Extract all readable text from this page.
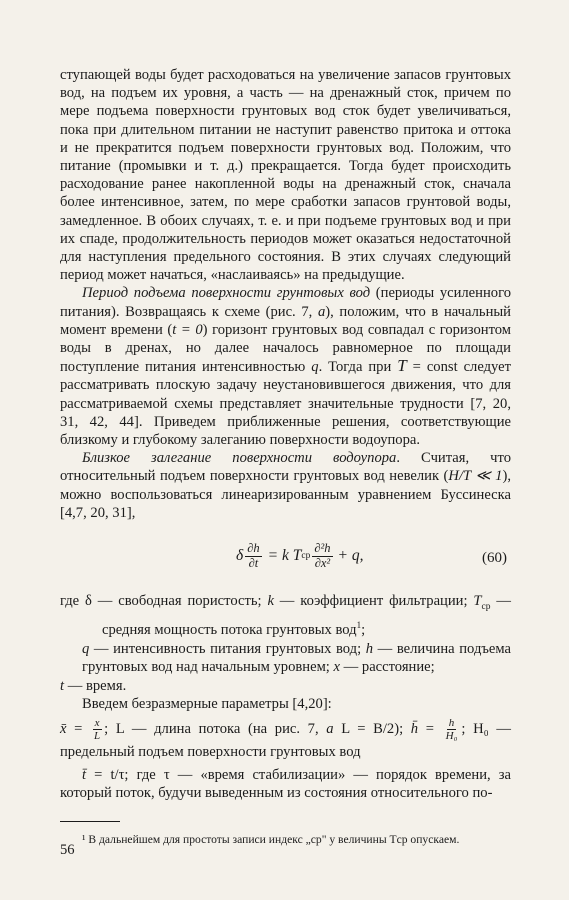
ступающей воды будет расходоваться на увеличение запасов грунтовых вод, на подъем их уровня, а часть — на дренажный сток, причем по мере подъема поверхности грунтовых вод сток будет увеличиваться, пока при длительном питании не наступит равенство притока и оттока и не прекратится подъем поверхности грунтовых вод. Положим, что питание (промывки и т. д.) прекращается. Тогда будет происходить расходование ранее накопленной воды на дренажный сток, сначала более интенсивное, затем, по мере сработки запасов грунтовой воды, замедленное. В обоих случаях, т. е. и при подъеме грунтовых вод и при их спаде, продолжительность периодов может оказаться недостаточной для наступления предельного состояния. В этих случаях следующий период может начаться, «наслаиваясь» на предыдущие.

Период подъема поверхности грунтовых вод (периоды усиленного питания). Возвращаясь к схеме (рис. 7, а), положим, что в начальный момент времени (t = 0) горизонт грунтовых вод совпадал с горизонтом воды в дренах, но далее началось равномерное по площади поступление питания интенсивностью q. Тогда при T = const следует рассматривать плоскую задачу неустановившегося движения, что для рассматриваемой схемы представляет значительные трудности [7, 20, 31, 42, 44]. Приведем приближенные решения, соответствующие близкому и глубокому залеганию поверхности водоупора.

Близкое залегание поверхности водоупора. Считая, что относительный подъем поверхности грунтовых вод невелик (H/T ≪ 1), можно воспользоваться линеаризированным уравнением Буссинеска [4,7, 20, 31],

δ $\frac{\partial h}{\partial t} = k$ T ср $\frac{\text{∂²h}}{\text{∂x²}} + q$,	(60)

где δ — свободная пористость; k — коэффициент фильтрации; $T_{ср}$ — средняя мощность потока грунтовых вод$^1$;

q — интенсивность питания грунтовых вод; h — величина подъема грунтовых вод над начальным уровнем; x — расстояние;

t — время.

Введем безразмерные параметры [4,20]:

x̄ = $\frac{x}{L}$ ; L — длина потока (на рис. 7, а L = B/2); h̄ = $\frac{h}{\text{H₀}}$ ; H₀ — предельный подъем поверхности грунтовых вод

t̄ = t/τ; где τ — «время стабилизации» — порядок времени, за который поток, будучи выведенным из состояния относительного по-

¹ В дальнейшем для простоты записи индекс „ср" у величины Tср опускаем.

56
